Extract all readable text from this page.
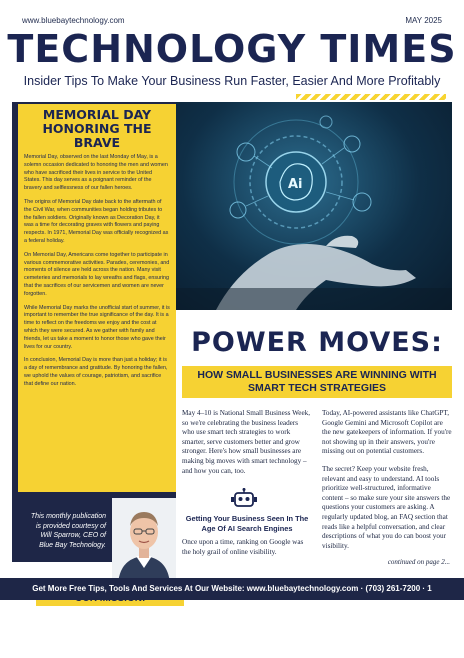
www.bluebaytechnology.com	MAY 2025
TECHNOLOGY TIMES
Insider Tips To Make Your Business Run Faster, Easier And More Profitably
MEMORIAL DAY
HONORING THE BRAVE

Memorial Day, observed on the last Monday of May, is a solemn occasion dedicated to honoring the men and women who have sacrificed their lives in service to the United States. This day serves as a poignant reminder of the bravery and selflessness of our fallen heroes.

The origins of Memorial Day date back to the aftermath of the Civil War, when communities began holding tributes to the fallen soldiers. Originally known as Decoration Day, it was a time for decorating graves with flowers and paying respects. In 1971, Memorial Day was officially recognized as a federal holiday.

On Memorial Day, Americans come together to participate in various commemorative activities. Parades, ceremonies, and moments of silence are held across the nation. Many visit cemeteries and memorials to lay wreaths and flags, ensuring that the sacrifices of our servicemen and women are never forgotten.

While Memorial Day marks the unofficial start of summer, it is important to remember the true significance of the day. It is a time to reflect on the freedoms we enjoy and the cost at which they were secured. As we gather with family and friends, let us take a moment to honor those who gave their lives for our country.

In conclusion, Memorial Day is more than just a holiday; it is a day of remembrance and gratitude. By honoring the fallen, we uphold the values of courage, patriotism, and sacrifice that define our nation.

This monthly publication is provided courtesy of Will Sparrow, CEO of Blue Bay Technology.
To build a community of success-minded entrepreneurs that inspires excellence, encourages collaboration and expands the capacity of all members to achieve great things.
Ai
POWER MOVES:
HOW SMALL BUSINESSES ARE WINNING WITH SMART TECH STRATEGIES
May 4–10 is National Small Business Week, so we're celebrating the business leaders who use smart tech strategies to work smarter, serve customers better and grow stronger. Here's how small businesses are making big moves with smart technology – and how you can, too.
Getting Your Business Seen In The Age Of AI Search Engines
Once upon a time, ranking on Google was the holy grail of online visibility.

Today, AI-powered assistants like ChatGPT, Google Gemini and Microsoft Copilot are the new gatekeepers of information. If you're not showing up in their answers, you're missing out on potential customers.

The secret? Keep your website fresh, relevant and easy to understand. AI tools prioritize well-structured, informative content – so make sure your site answers the questions your customers are asking. A regularly updated blog, an FAQ section that reads like a helpful conversation, and clear descriptions of what you do can boost your visibility.

continued on page 2...
Get More Free Tips, Tools And Services At Our Website: www.bluebaytechnology.com · (703) 261-7200 · 1
